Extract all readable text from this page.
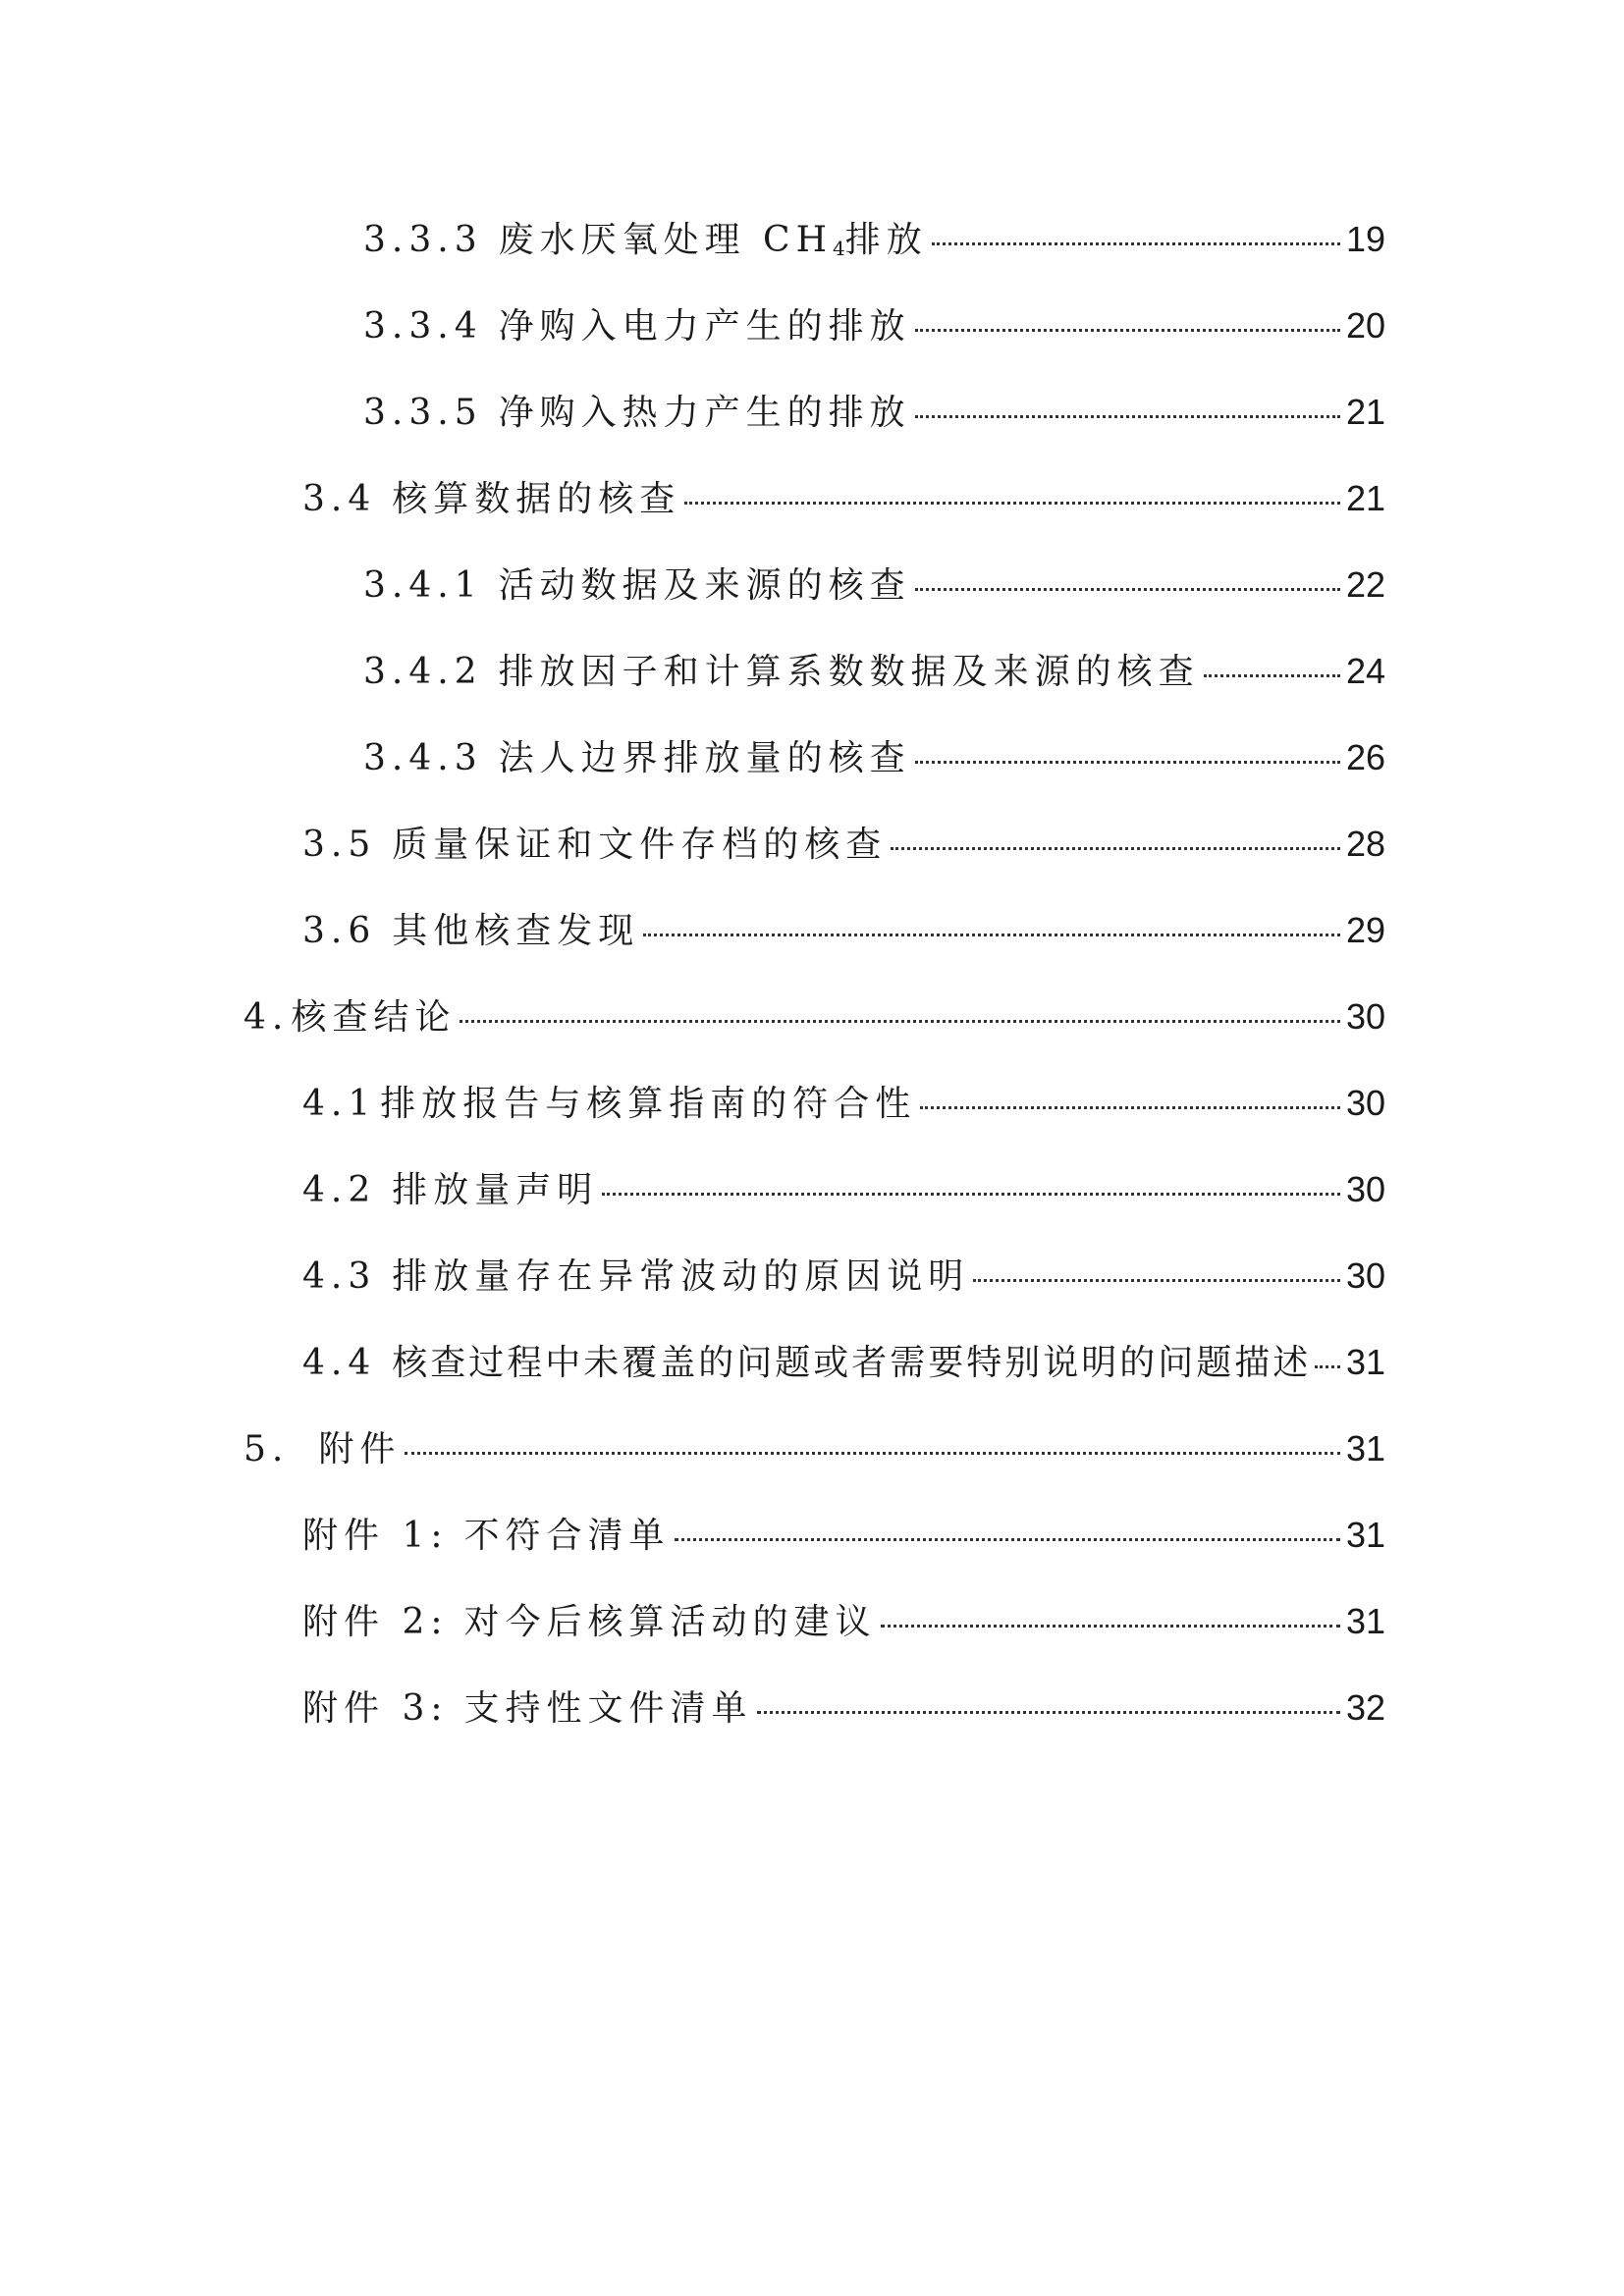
3.3.3 废水厌氧处理 $CH_4$排放	19
3.3.4 净购入电力产生的排放	20
3.3.5 净购入热力产生的排放	21
3.4 核算数据的核查	21
3.4.1 活动数据及来源的核查	22
3.4.2 排放因子和计算系数数据及来源的核查	24
3.4.3 法人边界排放量的核查	26
3.5 质量保证和文件存档的核查	28
3.6 其他核查发现	29
4. 核查结论	30
4.1 排放报告与核算指南的符合性	30
4.2 排放量声明	30
4.3 排放量存在异常波动的原因说明	30
4.4 核查过程中未覆盖的问题或者需要特别说明的问题描述 31
5. 附件	31
附件 1: 不符合清单	31
附件 2: 对今后核算活动的建议	31
附件 3: 支持性文件清单	32
